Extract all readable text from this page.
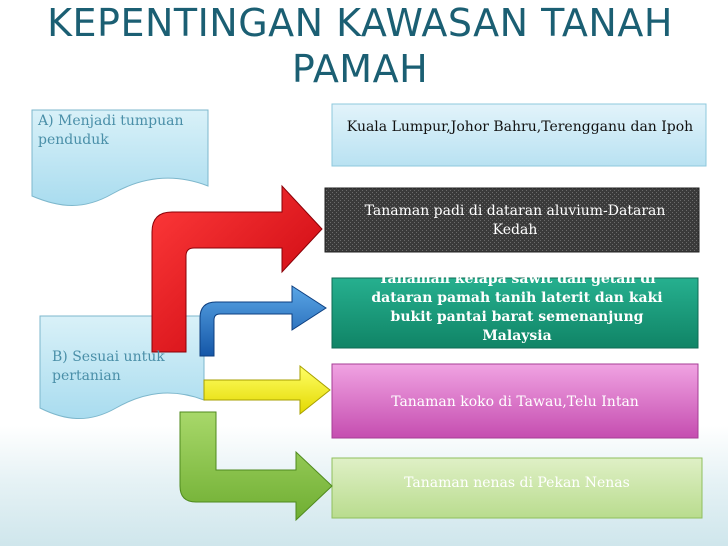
KEPENTINGAN KAWASAN TANAH PAMAH
A) Menjadi tumpuan penduduk
B) Sesuai untuk pertanian
Kuala Lumpur,Johor Bahru,Terengganu dan Ipoh
Tanaman padi di dataran aluvium-Dataran Kedah
Tanaman kelapa sawit dan getah di dataran pamah tanih laterit dan kaki bukit pantai barat semenanjung Malaysia
Tanaman koko di Tawau,Telu Intan
Tanaman nenas di Pekan Nenas
